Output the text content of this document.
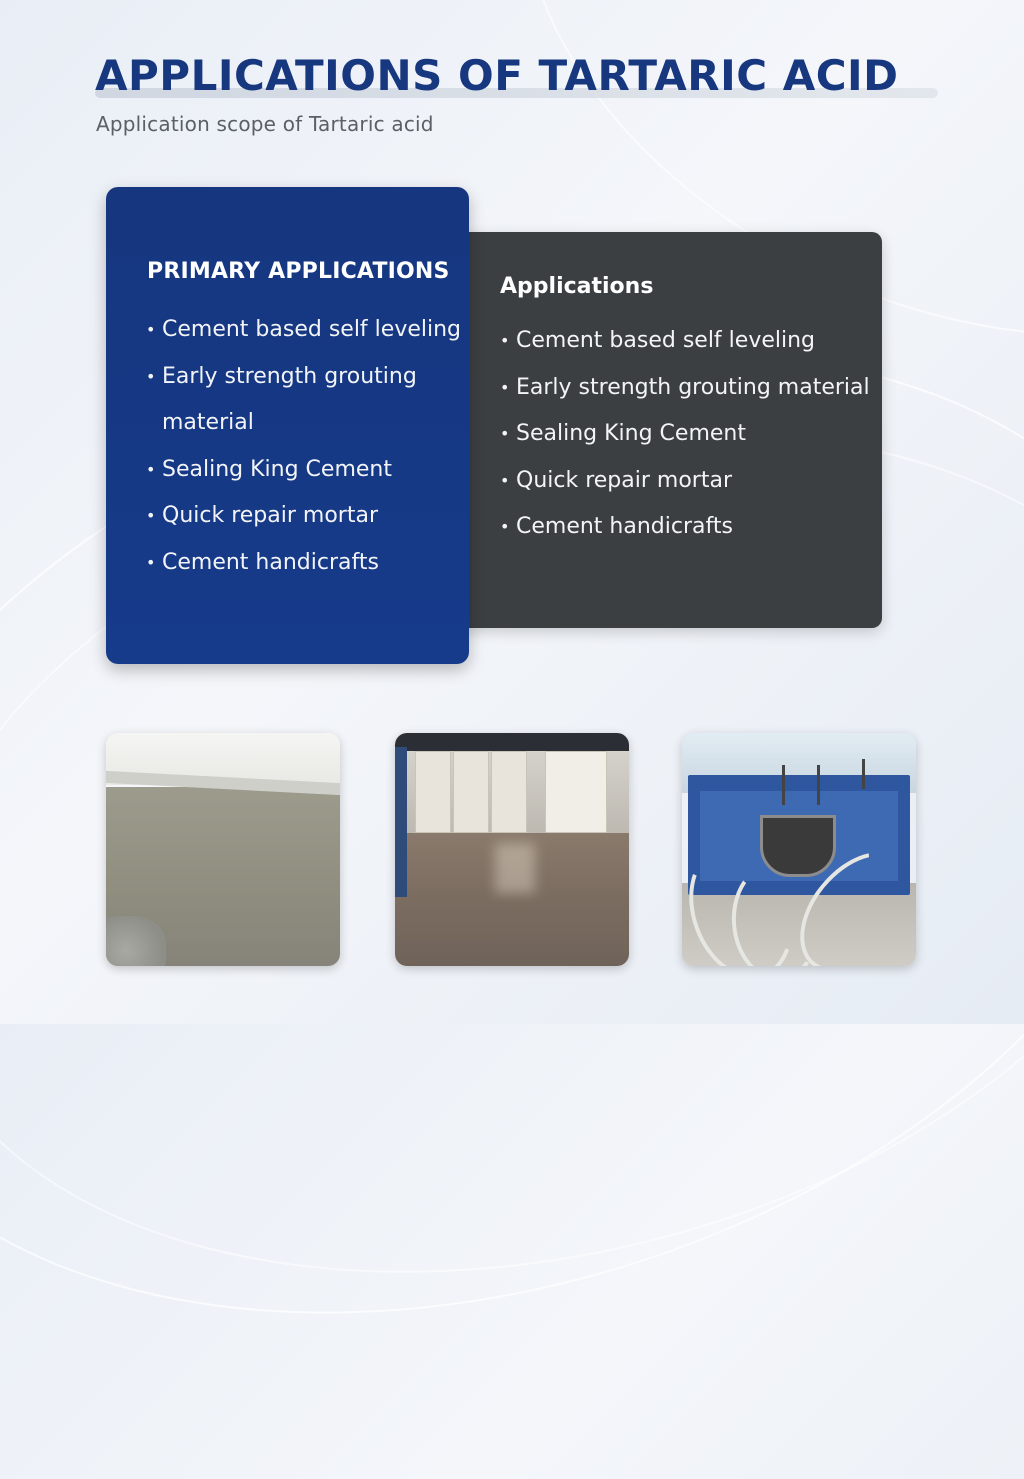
APPLICATIONS OF TARTARIC ACID
Application scope of Tartaric acid
Applications
• Cement based self leveling
• Early strength grouting material
• Sealing King Cement
• Quick repair mortar
• Cement handicrafts
PRIMARY APPLICATIONS
• Cement based self leveling
• Early strength grouting material
• Sealing King Cement
• Quick repair mortar
• Cement handicrafts
